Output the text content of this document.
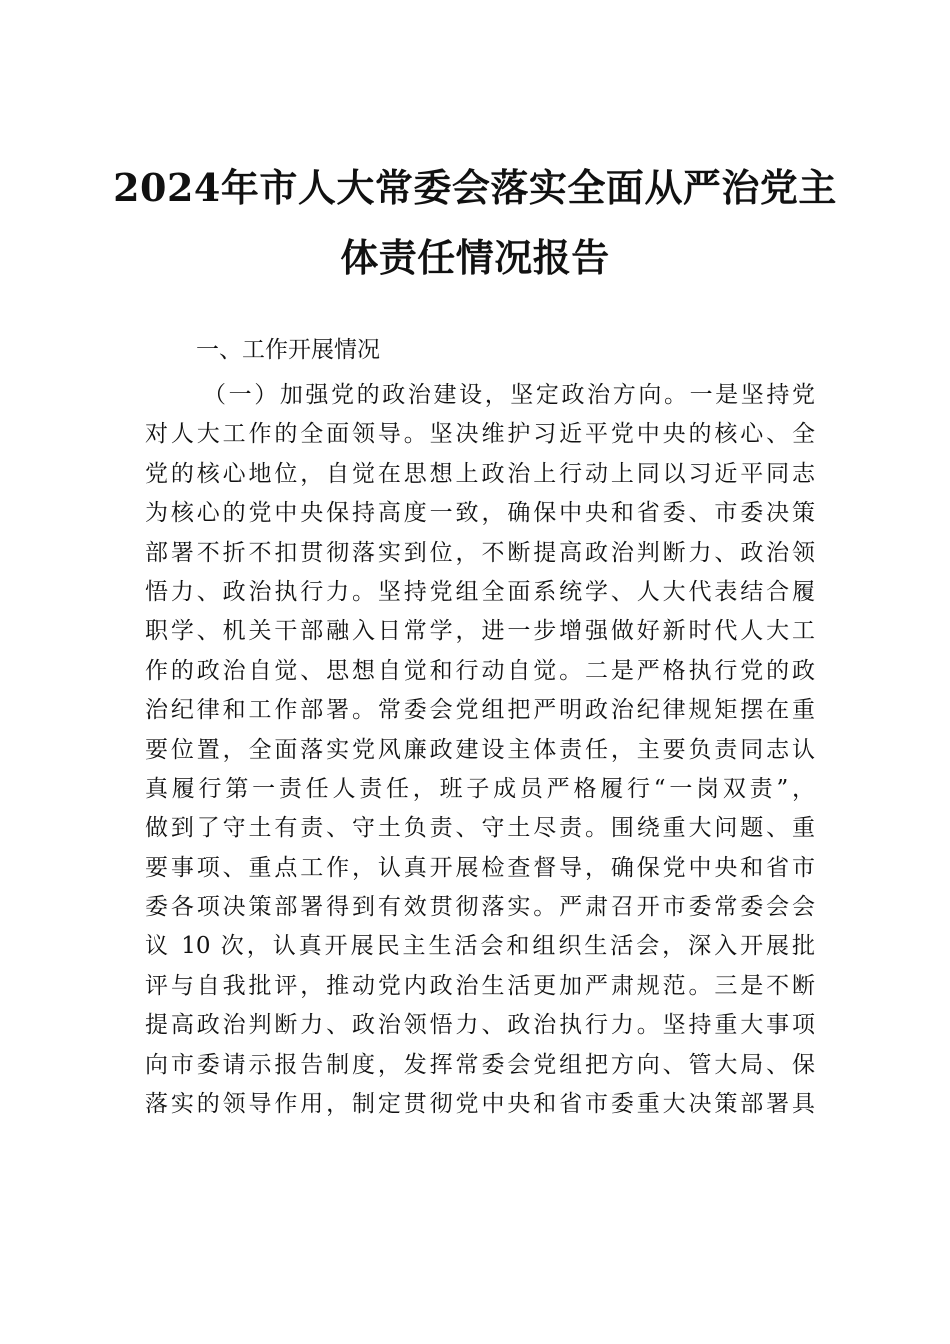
2024年市人大常委会落实全面从严治党主
体责任情况报告
一、工作开展情况
（一）加强党的政治建设，坚定政治方向。一是坚持党
对人大工作的全面领导。坚决维护习近平党中央的核心、全
党的核心地位，自觉在思想上政治上行动上同以习近平同志
为核心的党中央保持高度一致，确保中央和省委、市委决策
部署不折不扣贯彻落实到位，不断提高政治判断力、政治领
悟力、政治执行力。坚持党组全面系统学、人大代表结合履
职学、机关干部融入日常学，进一步增强做好新时代人大工
作的政治自觉、思想自觉和行动自觉。二是严格执行党的政
治纪律和工作部署。常委会党组把严明政治纪律规矩摆在重
要位置，全面落实党风廉政建设主体责任，主要负责同志认
真履行第一责任人责任，班子成员严格履行“一岗双责”，
做到了守土有责、守土负责、守土尽责。围绕重大问题、重
要事项、重点工作，认真开展检查督导，确保党中央和省市
委各项决策部署得到有效贯彻落实。严肃召开市委常委会会
议 10 次，认真开展民主生活会和组织生活会，深入开展批
评与自我批评，推动党内政治生活更加严肃规范。三是不断
提高政治判断力、政治领悟力、政治执行力。坚持重大事项
向市委请示报告制度，发挥常委会党组把方向、管大局、保
落实的领导作用，制定贯彻党中央和省市委重大决策部署具
